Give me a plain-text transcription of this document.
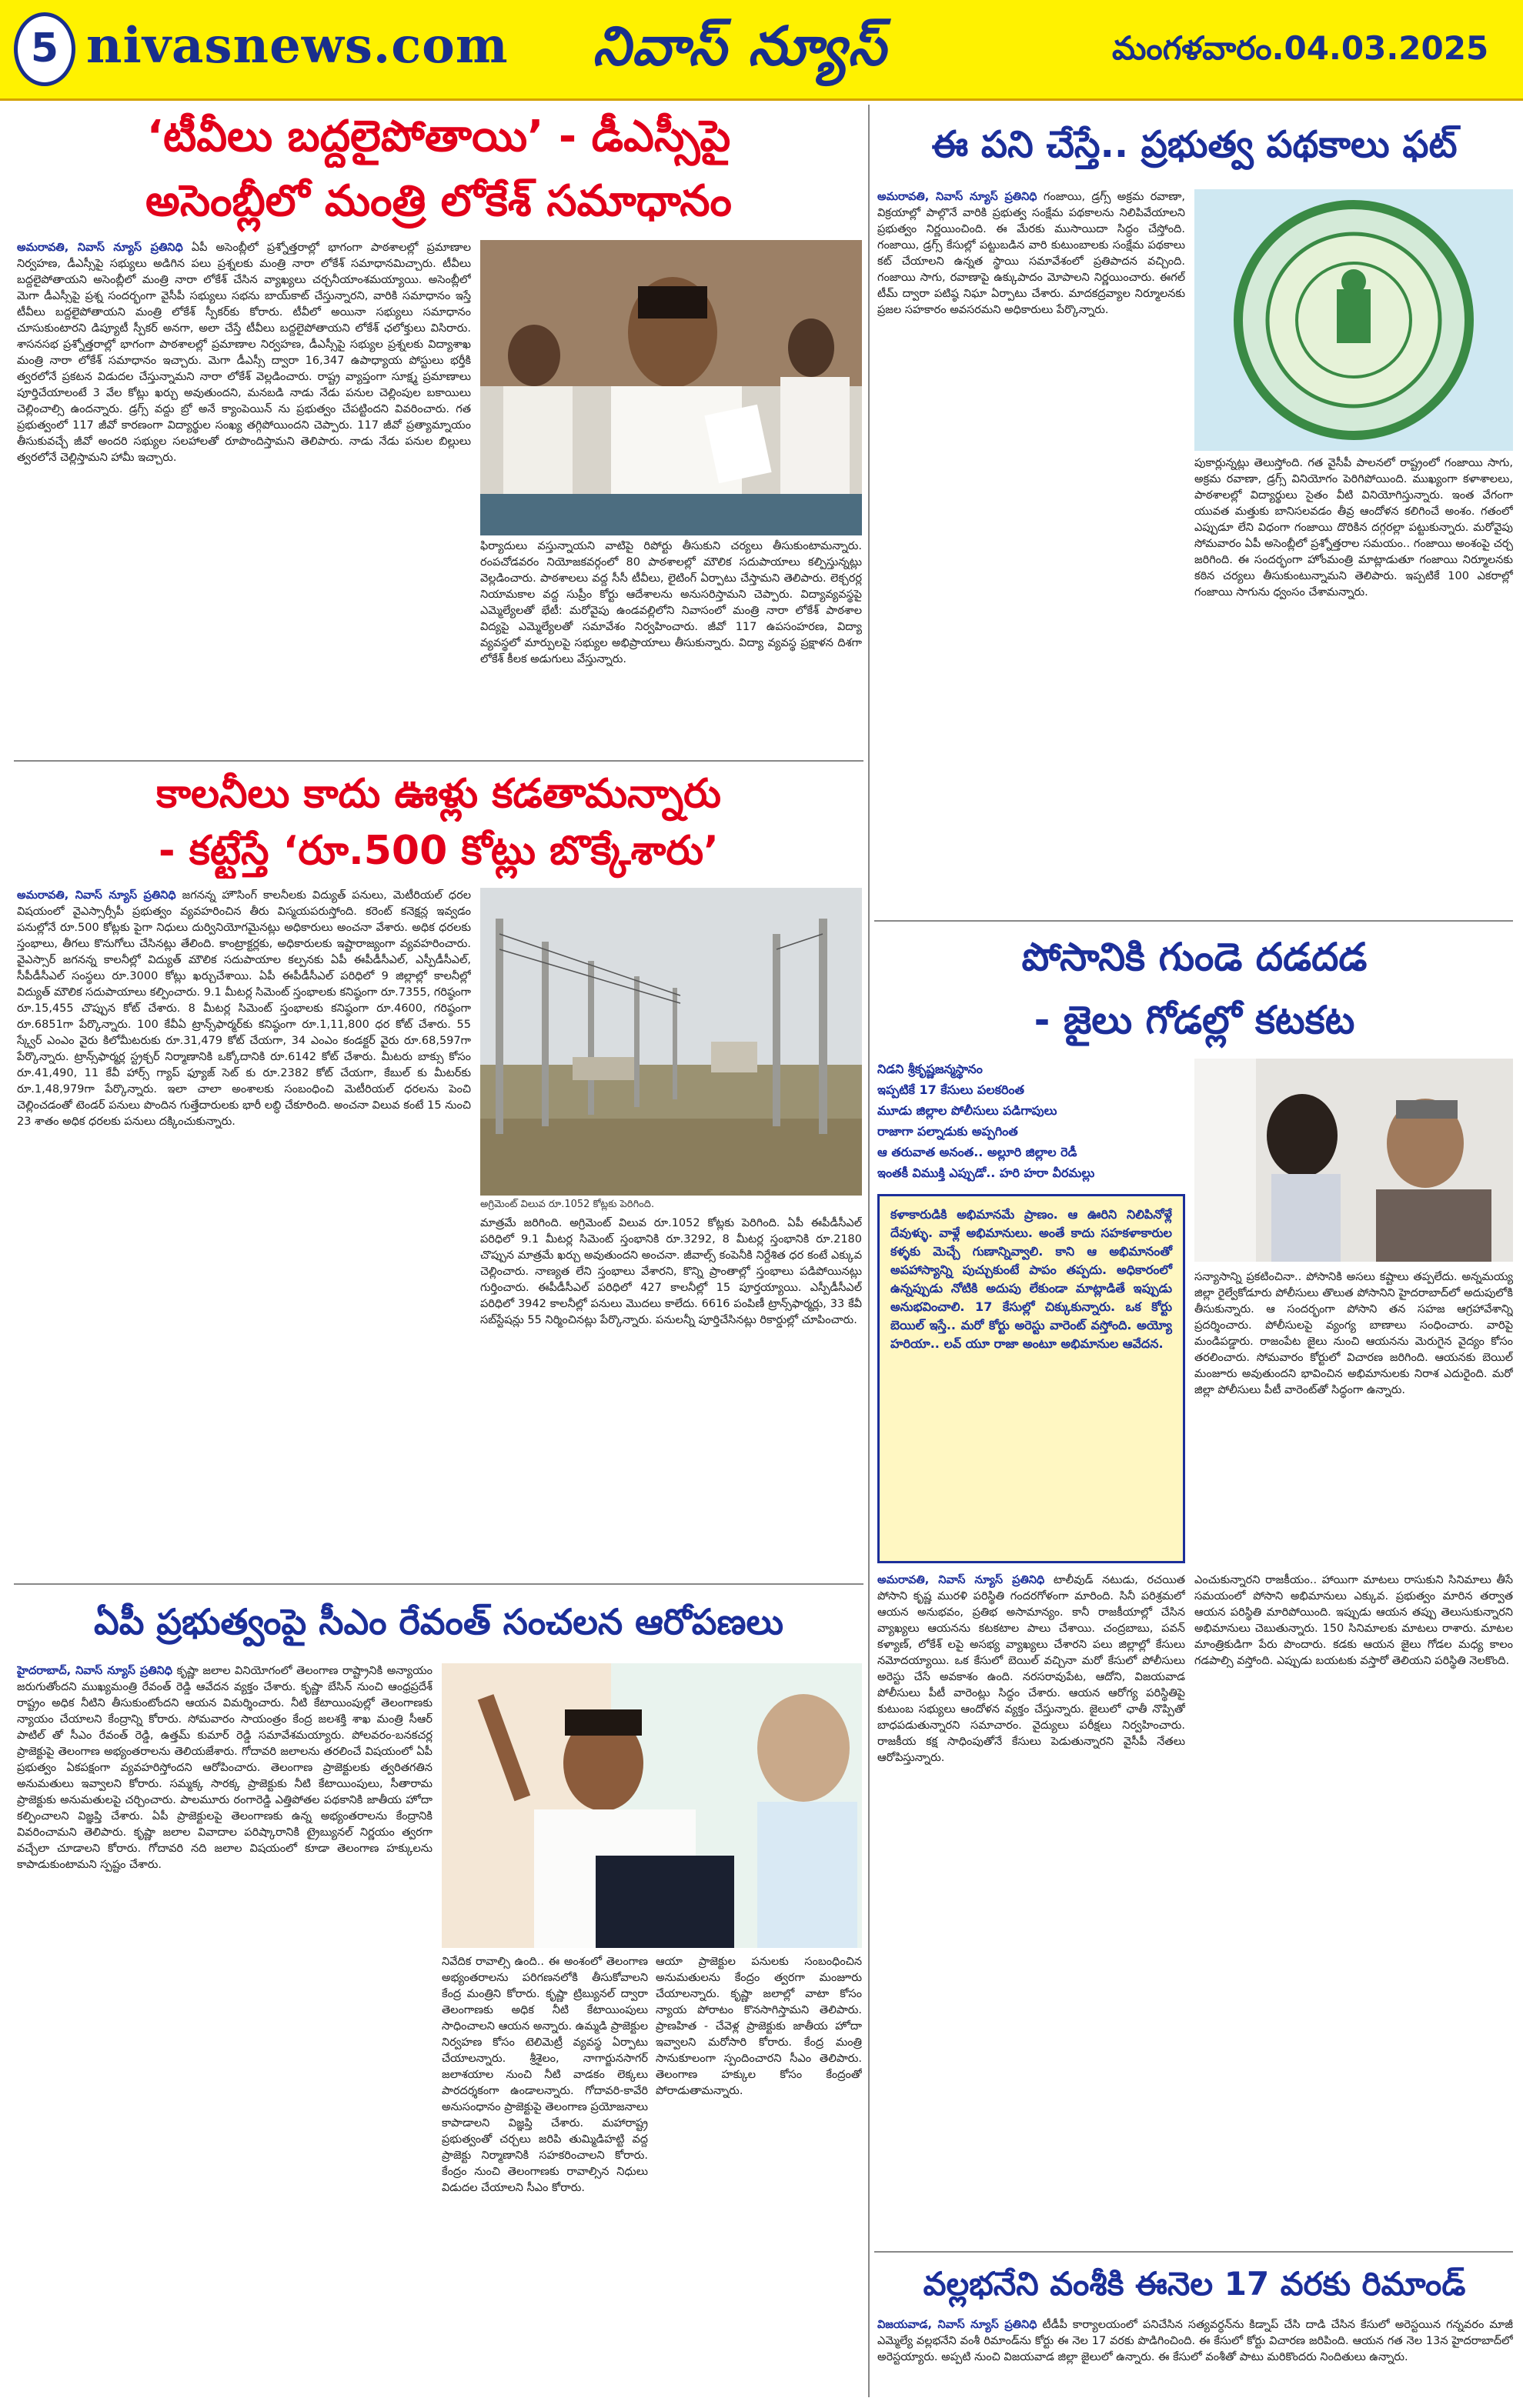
5 nivasnews.com నివాస్ న్యూస్	మంగళవారం.04.03.2025
‘టీవీలు బద్దలైపోతాయి’ - డీఎస్సీపై
అసెంబ్లీలో మంత్రి లోకేశ్ సమాధానం
అమరావతి, నివాస్ న్యూస్ ప్రతినిధి ఏపీ అసెంబ్లీలో ప్రశ్నోత్తరాల్లో భాగంగా పాఠశాలల్లో ప్రమాణాల నిర్వహణ, డీఎస్సీపై సభ్యులు అడిగిన పలు ప్రశ్నలకు మంత్రి నారా లోకేశ్ సమాధానమిచ్చారు. టీవీలు బద్దలైపోతాయని అసెంబ్లీలో మంత్రి నారా లోకేశ్ చేసిన వ్యాఖ్యలు చర్చనీయాంశమయ్యాయి. అసెంబ్లీలో మెగా డీఎస్సీపై ప్రశ్న సందర్భంగా వైసీపీ సభ్యులు సభను బాయ్‌కాట్ చేస్తున్నారని, వారికి సమాధానం ఇస్తే టీవీలు బద్దలైపోతాయని మంత్రి లోకేశ్ స్పీకర్‌కు కోరారు. టీవీలో అయినా సభ్యులు సమాధానం చూసుకుంటారని డిప్యూటీ స్పీకర్ అనగా, అలా చేస్తే టీవీలు బద్దలైపోతాయని లోకేశ్ ఛలోక్తులు విసిరారు. శాసనసభ ప్రశ్నోత్తరాల్లో భాగంగా పాఠశాలల్లో ప్రమాణాల నిర్వహణ, డీఎస్సీపై సభ్యుల ప్రశ్నలకు విద్యాశాఖ మంత్రి నారా లోకేశ్ సమాధానం ఇచ్చారు. మెగా డీఎస్సీ ద్వారా 16,347 ఉపాధ్యాయ పోస్టులు భర్తీకి త్వరలోనే ప్రకటన విడుదల చేస్తున్నామని నారా లోకేశ్ వెల్లడించారు. రాష్ట్ర వ్యాప్తంగా సూక్ష్మ ప్రమాణాలు పూర్తిచేయాలంటే 3 వేల కోట్లు ఖర్చు అవుతుందని, మనబడి నాడు నేడు పనుల చెల్లింపుల బకాయిలు చెల్లించాల్సి ఉందన్నారు. డ్రగ్స్ వద్దు బ్రో అనే క్యాంపెయిన్ ను ప్రభుత్వం చేపట్టిందని వివరించారు. గత ప్రభుత్వంలో 117 జీవో కారణంగా విద్యార్థుల సంఖ్య తగ్గిపోయిందని చెప్పారు. 117 జీవో ప్రత్యామ్నాయం తీసుకువచ్చే జీవో అందరి సభ్యుల సలహాలతో రూపొందిస్తామని తెలిపారు. నాడు నేడు పనుల బిల్లులు త్వరలోనే చెల్లిస్తామని హామీ ఇచ్చారు.
ఫిర్యాదులు వస్తున్నాయని వాటిపై రిపోర్టు తీసుకుని చర్యలు తీసుకుంటామన్నారు. రంపచోడవరం నియోజకవర్గంలో 80 పాఠశాలల్లో మౌలిక సదుపాయాలు కల్పిస్తున్నట్లు వెల్లడించారు. పాఠశాలలు వద్ద సీసీ టీవీలు, లైటింగ్ ఏర్పాటు చేస్తామని తెలిపారు. లెక్చరర్ల నియామకాల వద్ద సుప్రీం కోర్టు ఆదేశాలను అనుసరిస్తామని చెప్పారు. విద్యావ్యవస్థపై ఎమ్మెల్యేలతో భేటీ: మరోవైపు ఉండవల్లిలోని నివాసంలో మంత్రి నారా లోకేశ్ పాఠశాల విద్యపై ఎమ్మెల్యేలతో సమావేశం నిర్వహించారు. జీవో 117 ఉపసంహరణ, విద్యా వ్యవస్థలో మార్పులపై సభ్యుల అభిప్రాయాలు తీసుకున్నారు. విద్యా వ్యవస్థ ప్రక్షాళన దిశగా లోకేశ్ కీలక అడుగులు వేస్తున్నారు.
కాలనీలు కాదు ఊళ్లు కడతామన్నారు
- కట్టేస్తే ‘రూ.500 కోట్లు బొక్కేశారు’
అమరావతి, నివాస్ న్యూస్ ప్రతినిధి జగనన్న హౌసింగ్ కాలనీలకు విద్యుత్ పనులు, మెటీరియల్ ధరల విషయంలో వైఎస్సార్సీపీ ప్రభుత్వం వ్యవహరించిన తీరు విస్మయపరుస్తోంది. కరెంట్ కనెక్షన్ల ఇవ్వడం పనుల్లోనే రూ.500 కోట్లకు పైగా నిధులు దుర్వినియోగమైనట్లు అధికారులు అంచనా వేశారు. అధిక ధరలకు స్తంభాలు, తీగలు కొనుగోలు చేసినట్లు తేలింది. కాంట్రాక్టర్లకు, అధికారులకు ఇష్టారాజ్యంగా వ్యవహరించారు. వైఎస్సార్ జగనన్న కాలనీల్లో విద్యుత్ మౌలిక సదుపాయాల కల్పనకు ఏపీ ఈపీడీసీఎల్, ఎస్పీడీసీఎల్, సీపీడీసీఎల్ సంస్థలు రూ.3000 కోట్లు ఖర్చుచేశాయి. ఏపీ ఈపీడీసీఎల్ పరిధిలో 9 జిల్లాల్లో కాలనీల్లో విద్యుత్ మౌలిక సదుపాయాలు కల్పించారు. 9.1 మీటర్ల సిమెంట్ స్తంభాలకు కనిష్ఠంగా రూ.7355, గరిష్ఠంగా రూ.15,455 చొప్పున కోట్ చేశారు. 8 మీటర్ల సిమెంట్ స్తంభాలకు కనిష్ఠంగా రూ.4600, గరిష్ఠంగా రూ.6851గా పేర్కొన్నారు. 100 కేవీఏ ట్రాన్స్‌ఫార్మర్‌కు కనిష్ఠంగా రూ.1,11,800 ధర కోట్ చేశారు. 55 స్క్వేర్ ఎంఎం వైరు కిలోమీటరుకు రూ.31,479 కోట్ చేయగా, 34 ఎంఎం కండక్టర్ వైరు రూ.68,597గా పేర్కొన్నారు. ట్రాన్స్‌ఫార్మర్ల స్ట్రక్చర్ నిర్మాణానికి ఒక్కోదానికి రూ.6142 కోట్ చేశారు. మీటరు బాక్సు కోసం రూ.41,490, 11 కేవీ హార్స్ గ్యాప్ ఫ్యూజ్ సెట్ కు రూ.2382 కోట్ చేయగా, కేబుల్ కు మీటర్‌కు రూ.1,48,979గా పేర్కొన్నారు. ఇలా చాలా అంశాలకు సంబంధించి మెటీరియల్ ధరలను పెంచి చెల్లించడంతో టెండర్ పనులు పొందిన గుత్తేదారులకు భారీ లబ్ధి చేకూరింది. అంచనా విలువ కంటే 15 నుంచి 23 శాతం అధిక ధరలకు పనులు దక్కించుకున్నారు.
అగ్రిమెంట్ విలువ రూ.1052 కోట్లకు పెరిగింది.
మాత్రమే జరిగింది. అగ్రిమెంట్ విలువ రూ.1052 కోట్లకు పెరిగింది. ఏపీ ఈపీడీసీఎల్ పరిధిలో 9.1 మీటర్ల సిమెంట్ స్తంభానికి రూ.3292, 8 మీటర్ల స్తంభానికి రూ.2180 చొప్పున మాత్రమే ఖర్చు అవుతుందని అంచనా. జీవాల్స్ కంపెనీకి నిర్దేశిత ధర కంటే ఎక్కువ చెల్లించారు. నాణ్యత లేని స్తంభాలు వేశారని, కొన్ని ప్రాంతాల్లో స్తంభాలు పడిపోయినట్లు గుర్తించారు. ఈపీడీసీఎల్ పరిధిలో 427 కాలనీల్లో 15 పూర్తయ్యాయి. ఎస్పీడీసీఎల్ పరిధిలో 3942 కాలనీల్లో పనులు మొదలు కాలేదు. 6616 పంపిణీ ట్రాన్స్‌ఫార్మర్లు, 33 కేవీ సబ్‌స్టేషన్లు 55 నిర్మించినట్లు పేర్కొన్నారు. పనులన్నీ పూర్తిచేసినట్లు రికార్డుల్లో చూపించారు.
ఏపీ ప్రభుత్వంపై సీఎం రేవంత్ సంచలన ఆరోపణలు
హైదరాబాద్, నివాస్ న్యూస్ ప్రతినిధి కృష్ణా జలాల వినియోగంలో తెలంగాణ రాష్ట్రానికి అన్యాయం జరుగుతోందని ముఖ్యమంత్రి రేవంత్ రెడ్డి ఆవేదన వ్యక్తం చేశారు. కృష్ణా బేసిన్ నుంచి ఆంధ్రప్రదేశ్ రాష్ట్రం అధిక నీటిని తీసుకుంటోందని ఆయన విమర్శించారు. నీటి కేటాయింపుల్లో తెలంగాణకు న్యాయం చేయాలని కేంద్రాన్ని కోరారు. సోమవారం సాయంత్రం కేంద్ర జలశక్తి శాఖ మంత్రి సీఆర్ పాటిల్ తో సీఎం రేవంత్ రెడ్డి, ఉత్తమ్ కుమార్ రెడ్డి సమావేశమయ్యారు. పోలవరం-బనకచర్ల ప్రాజెక్టుపై తెలంగాణ అభ్యంతరాలను తెలియజేశారు. గోదావరి జలాలను తరలించే విషయంలో ఏపీ ప్రభుత్వం ఏకపక్షంగా వ్యవహరిస్తోందని ఆరోపించారు. తెలంగాణ ప్రాజెక్టులకు త్వరితగతిన అనుమతులు ఇవ్వాలని కోరారు. సమ్మక్క సారక్క ప్రాజెక్టుకు నీటి కేటాయింపులు, సీతారామ ప్రాజెక్టుకు అనుమతులపై చర్చించారు. పాలమూరు రంగారెడ్డి ఎత్తిపోతల పథకానికి జాతీయ హోదా కల్పించాలని విజ్ఞప్తి చేశారు. ఏపీ ప్రాజెక్టులపై తెలంగాణకు ఉన్న అభ్యంతరాలను కేంద్రానికి వివరించామని తెలిపారు. కృష్ణా జలాల వివాదాల పరిష్కారానికి ట్రైబ్యునల్ నిర్ణయం త్వరగా వచ్చేలా చూడాలని కోరారు. గోదావరి నది జలాల విషయంలో కూడా తెలంగాణ హక్కులను కాపాడుకుంటామని స్పష్టం చేశారు.
నివేదిక రావాల్సి ఉంది.. ఈ అంశంలో తెలంగాణ అభ్యంతరాలను పరిగణనలోకి తీసుకోవాలని కేంద్ర మంత్రిని కోరారు. కృష్ణా ట్రిబ్యునల్ ద్వారా తెలంగాణకు అధిక నీటి కేటాయింపులు సాధించాలని ఆయన అన్నారు. ఉమ్మడి ప్రాజెక్టుల నిర్వహణ కోసం టెలిమెట్రీ వ్యవస్థ ఏర్పాటు చేయాలన్నారు. శ్రీశైలం, నాగార్జునసాగర్ జలాశయాల నుంచి నీటి వాడకం లెక్కలు పారదర్శకంగా ఉండాలన్నారు. గోదావరి-కావేరి అనుసంధానం ప్రాజెక్టుపై తెలంగాణ ప్రయోజనాలు కాపాడాలని విజ్ఞప్తి చేశారు. మహారాష్ట్ర ప్రభుత్వంతో చర్చలు జరిపి తుమ్మిడిహట్టి వద్ద ప్రాజెక్టు నిర్మాణానికి సహకరించాలని కోరారు. కేంద్రం నుంచి తెలంగాణకు రావాల్సిన నిధులు విడుదల చేయాలని సీఎం కోరారు.
ఆయా ప్రాజెక్టుల పనులకు సంబంధించిన అనుమతులను కేంద్రం త్వరగా మంజూరు చేయాలన్నారు. కృష్ణా జలాల్లో వాటా కోసం న్యాయ పోరాటం కొనసాగిస్తామని తెలిపారు. ప్రాణహిత - చేవెళ్ల ప్రాజెక్టుకు జాతీయ హోదా ఇవ్వాలని మరోసారి కోరారు. కేంద్ర మంత్రి సానుకూలంగా స్పందించారని సీఎం తెలిపారు. తెలంగాణ హక్కుల కోసం కేంద్రంతో పోరాడుతామన్నారు.
ఈ పని చేస్తే.. ప్రభుత్వ పథకాలు ఫట్
అమరావతి, నివాస్ న్యూస్ ప్రతినిధి గంజాయి, డ్రగ్స్ అక్రమ రవాణా, విక్రయాల్లో పాల్గొనే వారికి ప్రభుత్వ సంక్షేమ పథకాలను నిలిపివేయాలని ప్రభుత్వం నిర్ణయించింది. ఈ మేరకు ముసాయిదా సిద్ధం చేస్తోంది. గంజాయి, డ్రగ్స్ కేసుల్లో పట్టుబడిన వారి కుటుంబాలకు సంక్షేమ పథకాలు కట్ చేయాలని ఉన్నత స్థాయి సమావేశంలో ప్రతిపాదన వచ్చింది. గంజాయి సాగు, రవాణాపై ఉక్కుపాదం మోపాలని నిర్ణయించారు. ఈగల్ టీమ్ ద్వారా పటిష్ఠ నిఘా ఏర్పాటు చేశారు. మాదకద్రవ్యాల నిర్మూలనకు ప్రజల సహకారం అవసరమని అధికారులు పేర్కొన్నారు.
పుకార్లున్నట్లు తెలుస్తోంది. గత వైసీపీ పాలనలో రాష్ట్రంలో గంజాయి సాగు, అక్రమ రవాణా, డ్రగ్స్ వినియోగం పెరిగిపోయింది. ముఖ్యంగా కళాశాలలు, పాఠశాలల్లో విద్యార్థులు సైతం వీటి వినియోగిస్తున్నారు. ఇంత వేగంగా యువత మత్తుకు బానిసలవడం తీవ్ర ఆందోళన కలిగించే అంశం. గతంలో ఎప్పుడూ లేని విధంగా గంజాయి దొరికిన దగ్గరల్లా పట్టుకున్నారు. మరోవైపు సోమవారం ఏపీ అసెంబ్లీలో ప్రశ్నోత్తరాల సమయం.. గంజాయి అంశంపై చర్చ జరిగింది. ఈ సందర్భంగా హోంమంత్రి మాట్లాడుతూ గంజాయి నిర్మూలనకు కఠిన చర్యలు తీసుకుంటున్నామని తెలిపారు. ఇప్పటికే 100 ఎకరాల్లో గంజాయి సాగును ధ్వంసం చేశామన్నారు.
పోసానికి గుండె దడదడ
- జైలు గోడల్లో కటకట
నిడని శ్రీకృష్ణజన్మస్థానం
ఇప్పటికే 17 కేసులు పలకరింత
మూడు జిల్లాల పోలీసులు పడిగాపులు
రాజాగా పల్నాడుకు అప్పగింత
ఆ తరువాత అనంత.. అల్లూరి జిల్లాల రెడీ
ఇంతకీ విముక్తి ఎప్పుడో.. హరి హరా వీరమల్లు
కళాకారుడికి అభిమానమే ప్రాణం. ఆ ఊరిని నిలిపినోళ్లే దేవుళ్ళు. వాళ్లే అభిమానులు. అంతే కాదు సహకళాకారుల కళ్ళకు మెచ్చే గుణాన్నివ్వాలి. కాని ఆ అభిమానంతో అపహాస్యాన్ని పుచ్చుకుంటే పాపం తప్పదు. అధికారంలో ఉన్నప్పుడు నోటికి అదుపు లేకుండా మాట్లాడితే ఇప్పుడు అనుభవించాలి. 17 కేసుల్లో చిక్కుకున్నారు. ఒక కోర్టు బెయిల్ ఇస్తే.. మరో కోర్టు అరెస్టు వారెంట్ వస్తోంది. అయ్యో హరియా.. లవ్ యూ రాజా అంటూ అభిమానుల ఆవేదన.
సన్యాసాన్ని ప్రకటించినా.. పోసానికి అసలు కష్టాలు తప్పలేదు. అన్నమయ్య జిల్లా రైల్వేకోడూరు పోలీసులు తొలుత పోసానిని హైదరాబాద్‌లో అదుపులోకి తీసుకున్నారు. ఆ సందర్భంగా పోసాని తన సహజ ఆగ్రహావేశాన్ని ప్రదర్శించారు. పోలీసులపై వ్యంగ్య బాణాలు సంధించారు. వారిపై మండిపడ్డారు. రాజంపేట జైలు నుంచి ఆయనను మెరుగైన వైద్యం కోసం తరలించారు. సోమవారం కోర్టులో విచారణ జరిగింది. ఆయనకు బెయిల్ మంజూరు అవుతుందని భావించిన అభిమానులకు నిరాశ ఎదురైంది. మరో జిల్లా పోలీసులు పీటీ వారెంట్‌తో సిద్ధంగా ఉన్నారు.
అమరావతి, నివాస్ న్యూస్ ప్రతినిధి టాలీవుడ్ నటుడు, రచయిత పోసాని కృష్ణ మురళి పరిస్థితి గందరగోళంగా మారింది. సినీ పరిశ్రమలో ఆయన అనుభవం, ప్రతిభ అసామాన్యం. కానీ రాజకీయాల్లో చేసిన వ్యాఖ్యలు ఆయనను కటకటాల పాలు చేశాయి. చంద్రబాబు, పవన్ కళ్యాణ్, లోకేశ్ లపై అసభ్య వ్యాఖ్యలు చేశారని పలు జిల్లాల్లో కేసులు నమోదయ్యాయి. ఒక కేసులో బెయిల్ వచ్చినా మరో కేసులో పోలీసులు అరెస్టు చేసే అవకాశం ఉంది. నరసరావుపేట, ఆదోని, విజయవాడ పోలీసులు పీటీ వారెంట్లు సిద్ధం చేశారు. ఆయన ఆరోగ్య పరిస్థితిపై కుటుంబ సభ్యులు ఆందోళన వ్యక్తం చేస్తున్నారు. జైలులో ఛాతీ నొప్పితో బాధపడుతున్నారని సమాచారం. వైద్యులు పరీక్షలు నిర్వహించారు. రాజకీయ కక్ష సాధింపుతోనే కేసులు పెడుతున్నారని వైసీపీ నేతలు ఆరోపిస్తున్నారు.
ఎంచుకున్నారని రాజకీయం.. హాయిగా మాటలు రాసుకుని సినిమాలు తీసే సమయంలో పోసాని అభిమానులు ఎక్కువ. ప్రభుత్వం మారిన తర్వాత ఆయన పరిస్థితి మారిపోయింది. ఇప్పుడు ఆయన తప్పు తెలుసుకున్నారని అభిమానులు చెబుతున్నారు. 150 సినిమాలకు మాటలు రాశారు. మాటల మాంత్రికుడిగా పేరు పొందారు. కడకు ఆయన జైలు గోడల మధ్య కాలం గడపాల్సి వస్తోంది. ఎప్పుడు బయటకు వస్తారో తెలియని పరిస్థితి నెలకొంది.
వల్లభనేని వంశీకి ఈనెల 17 వరకు రిమాండ్
విజయవాడ, నివాస్ న్యూస్ ప్రతినిధి టీడీపీ కార్యాలయంలో పనిచేసిన సత్యవర్ధన్‌ను కిడ్నాప్ చేసి దాడి చేసిన కేసులో అరెస్టయిన గన్నవరం మాజీ ఎమ్మెల్యే వల్లభనేని వంశీ రిమాండ్‌ను కోర్టు ఈ నెల 17 వరకు పొడిగించింది. ఈ కేసులో కోర్టు విచారణ జరిపింది. ఆయన గత నెల 13న హైదరాబాద్‌లో అరెస్టయ్యారు. అప్పటి నుంచి విజయవాడ జిల్లా జైలులో ఉన్నారు. ఈ కేసులో వంశీతో పాటు మరికొందరు నిందితులు ఉన్నారు.
